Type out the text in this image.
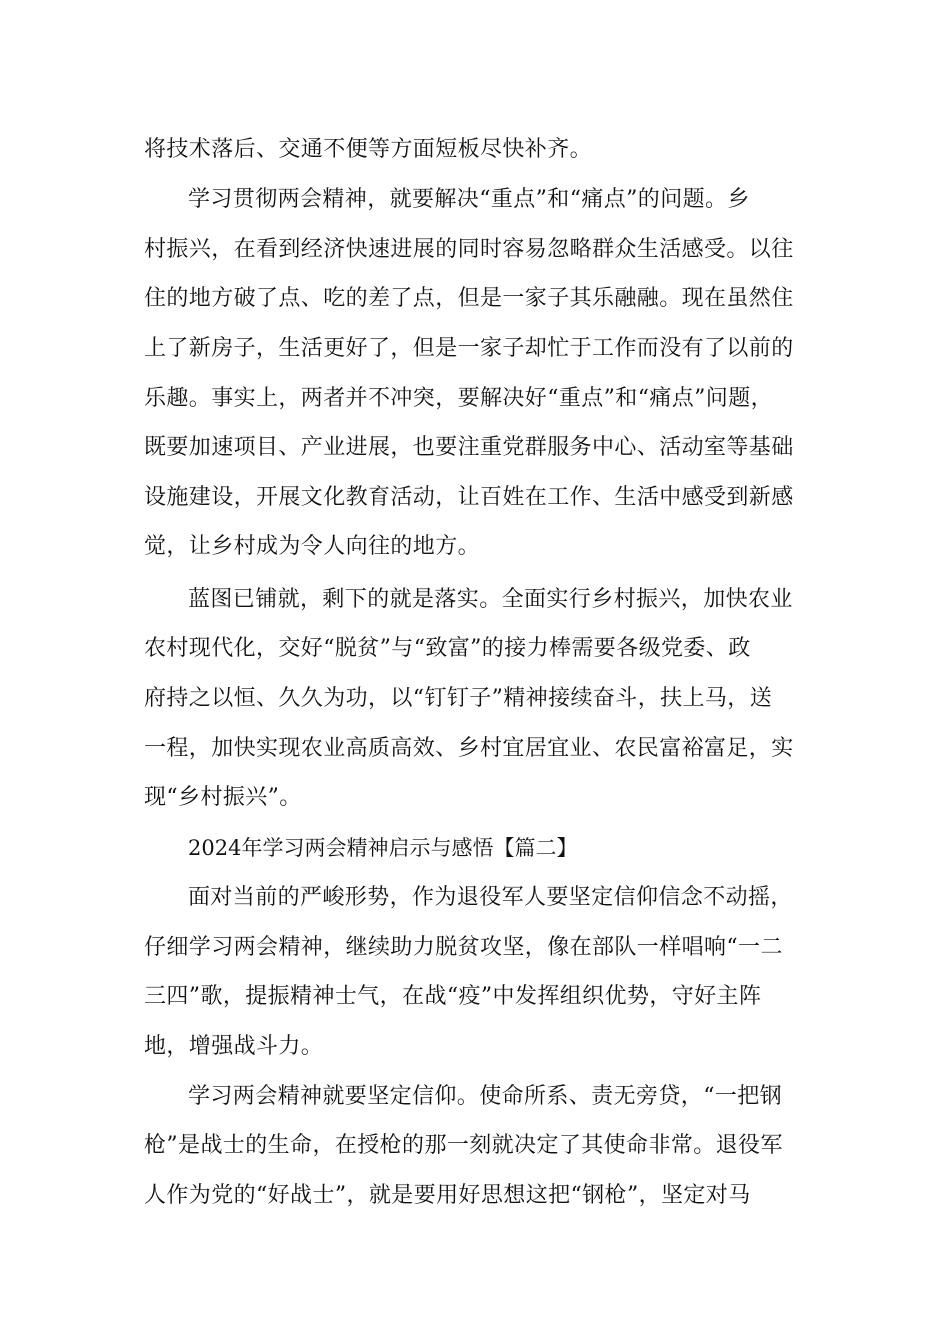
将技术落后、交通不便等方面短板尽快补齐。
学习贯彻两会精神，就要解决“重点”和“痛点”的问题。乡
村振兴，在看到经济快速进展的同时容易忽略群众生活感受。以往
住的地方破了点、吃的差了点，但是一家子其乐融融。现在虽然住
上了新房子，生活更好了，但是一家子却忙于工作而没有了以前的
乐趣。事实上，两者并不冲突，要解决好“重点”和“痛点”问题，
既要加速项目、产业进展，也要注重党群服务中心、活动室等基础
设施建设，开展文化教育活动，让百姓在工作、生活中感受到新感
觉，让乡村成为令人向往的地方。
蓝图已铺就，剩下的就是落实。全面实行乡村振兴，加快农业
农村现代化，交好“脱贫”与“致富”的接力棒需要各级党委、政
府持之以恒、久久为功，以“钉钉子”精神接续奋斗，扶上马，送
一程，加快实现农业高质高效、乡村宜居宜业、农民富裕富足，实
现“乡村振兴”。
2024年学习两会精神启示与感悟【篇二】
面对当前的严峻形势，作为退役军人要坚定信仰信念不动摇，
仔细学习两会精神，继续助力脱贫攻坚，像在部队一样唱响“一二
三四”歌，提振精神士气，在战“疫”中发挥组织优势，守好主阵
地，增强战斗力。
学习两会精神就要坚定信仰。使命所系、责无旁贷，“一把钢
枪”是战士的生命，在授枪的那一刻就决定了其使命非常。退役军
人作为党的“好战士”，就是要用好思想这把“钢枪”，坚定对马
